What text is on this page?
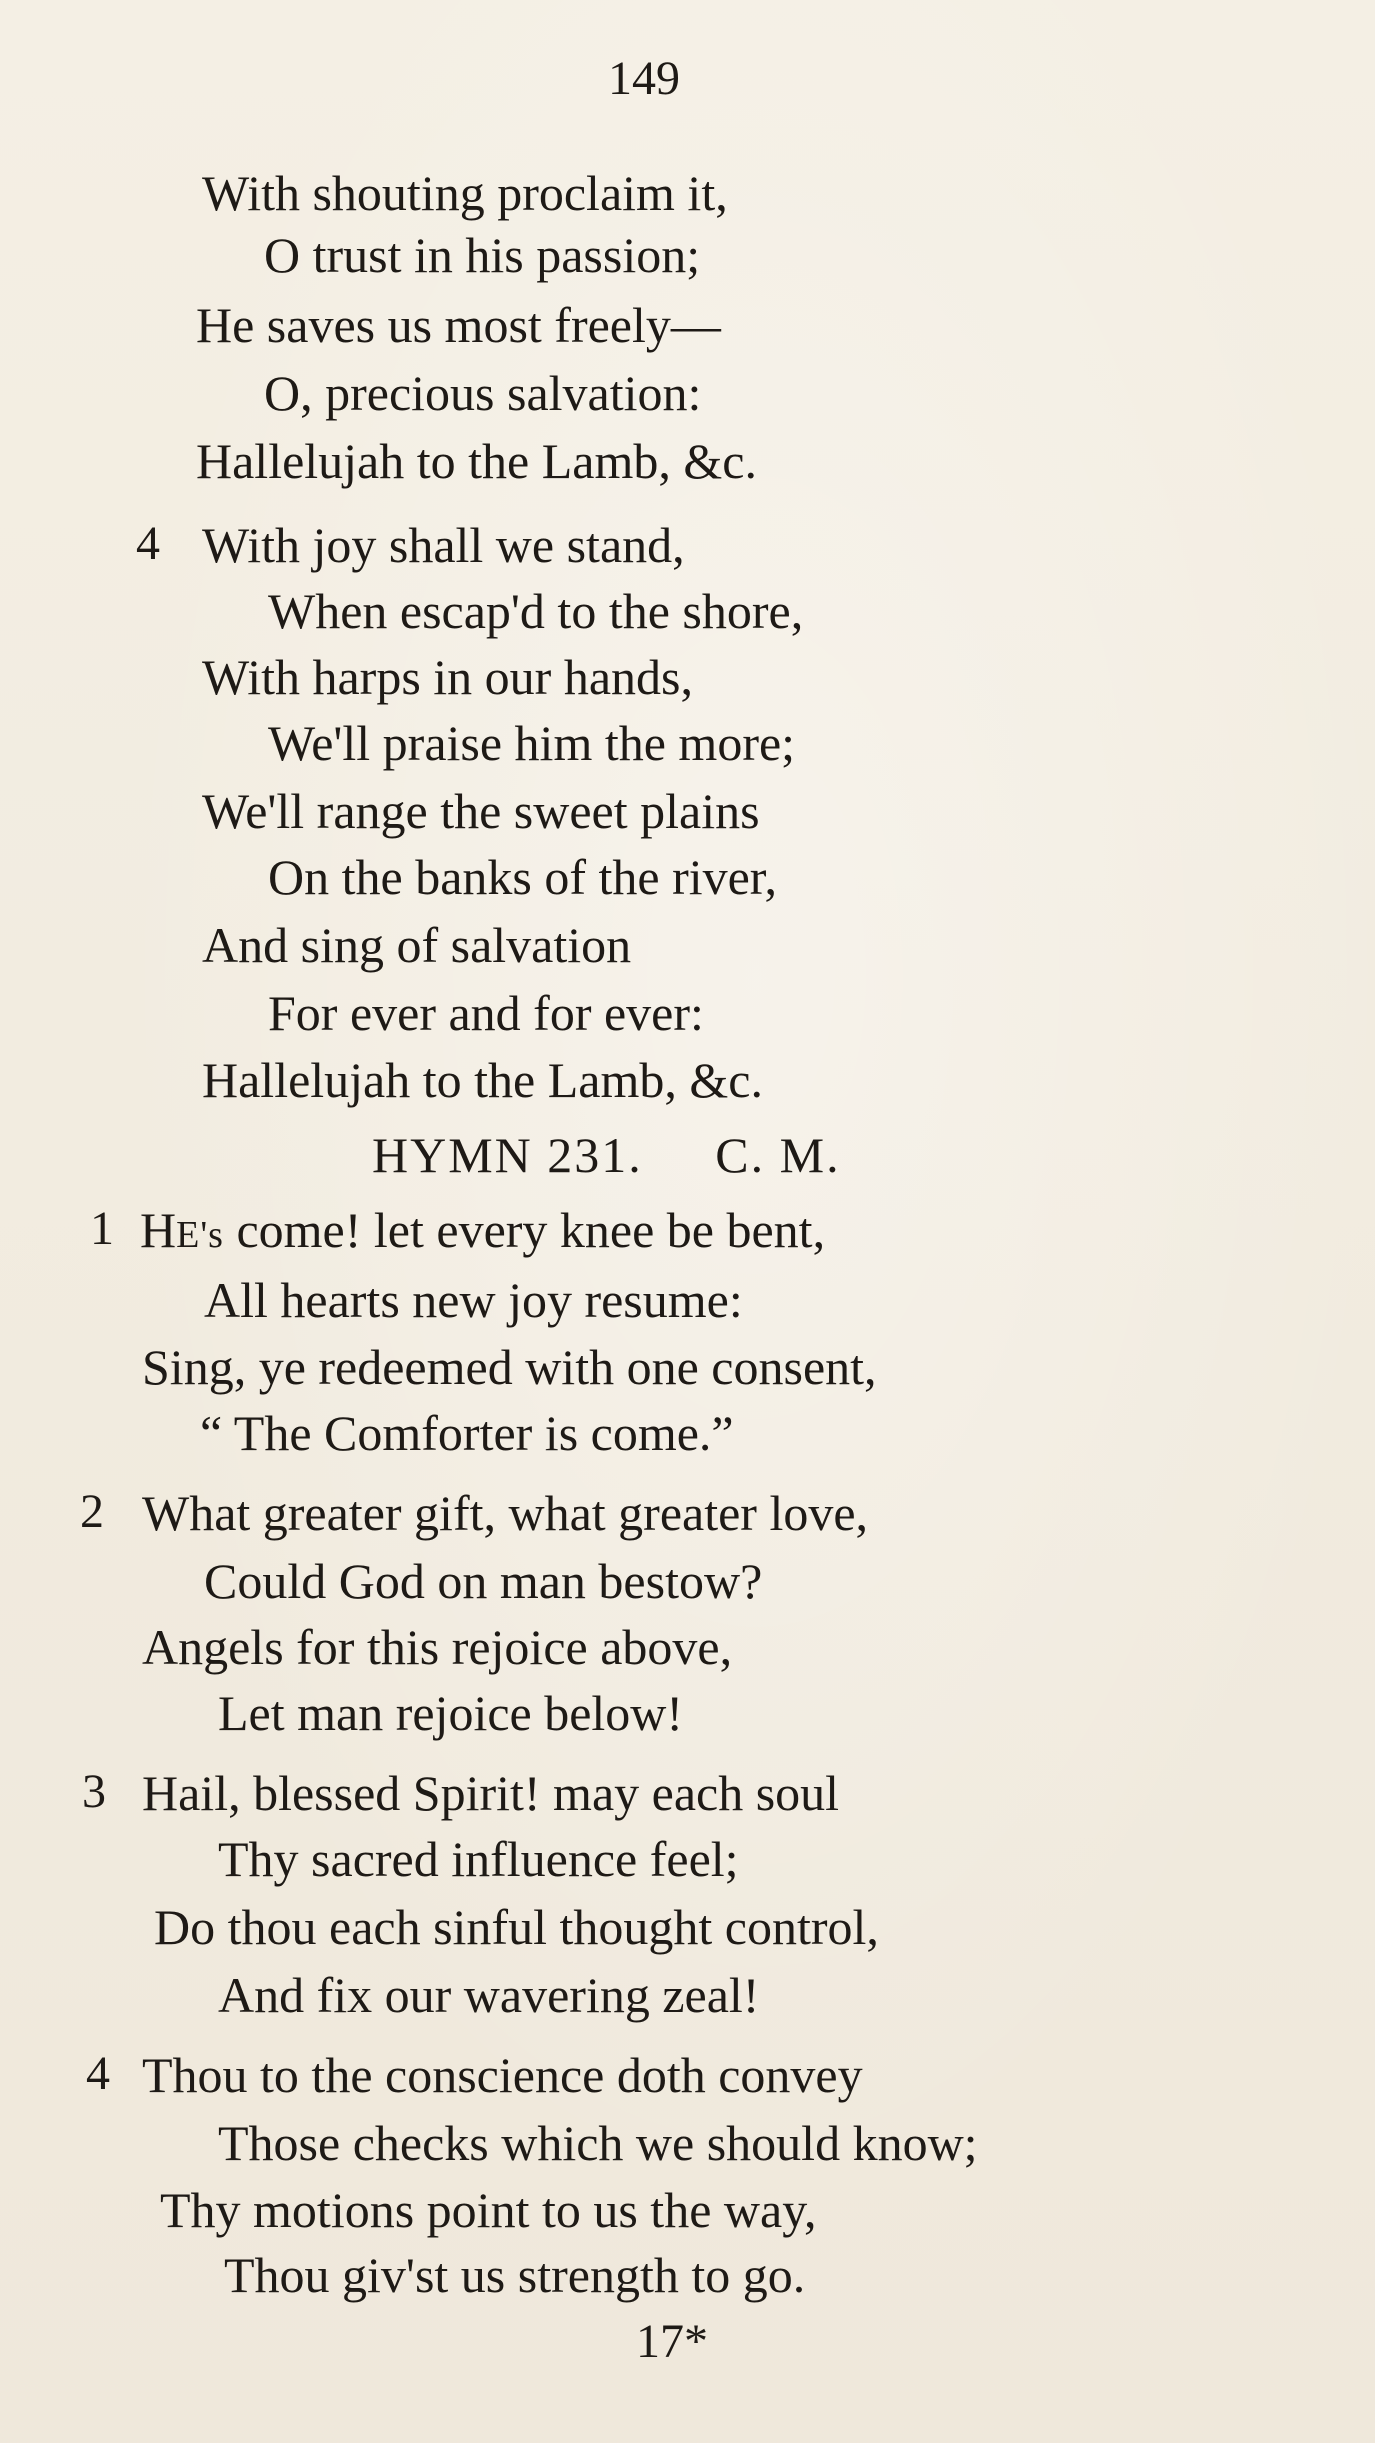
149
With shouting proclaim it,
O trust in his passion;
He saves us most freely—
O, precious salvation:
Hallelujah to the Lamb, &c.
4 With joy shall we stand,
When escap'd to the shore,
With harps in our hands,
We'll praise him the more;
We'll range the sweet plains
On the banks of the river,
And sing of salvation
For ever and for ever:
Hallelujah to the Lamb, &c.
HYMN 231.     C. M.
1 HE's come! let every knee be bent,
All hearts new joy resume:
Sing, ye redeemed with one consent,
“ The Comforter is come.”
2 What greater gift, what greater love,
Could God on man bestow?
Angels for this rejoice above,
Let man rejoice below!
3 Hail, blessed Spirit! may each soul
Thy sacred influence feel;
Do thou each sinful thought control,
And fix our wavering zeal!
4 Thou to the conscience doth convey
Those checks which we should know;
Thy motions point to us the way,
Thou giv'st us strength to go.
17*
